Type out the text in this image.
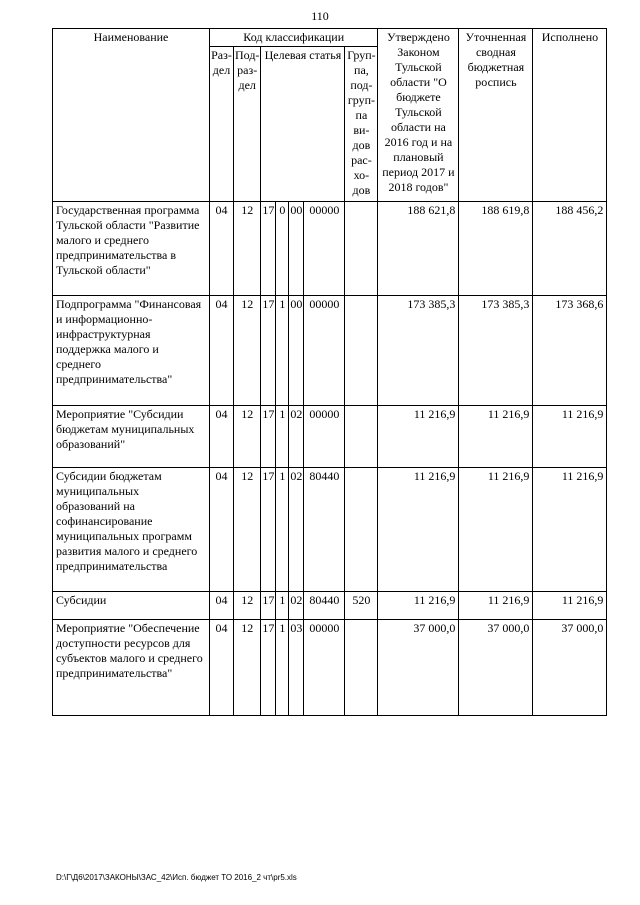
110
Наименование	Код классификации							Утверждено Законом Тульской области "О бюджете Тульской области на 2016 год и на плановый период 2017 и 2018 годов"	Уточненная сводная бюджетная роспись	Исполнено
	Раз-дел	Под-раз-дел	Целевая статья				Груп-па, под-груп-па ви-дов рас-хо-дов			
Государственная программа Тульской области "Развитие малого и среднего предпринимательства в Тульской области"	04	12	17	0	00	00000		188 621,8	188 619,8	188 456,2
Подпрограмма "Финансовая и информационно-инфраструктурная поддержка малого и среднего предпринимательства"	04	12	17	1	00	00000		173 385,3	173 385,3	173 368,6
Мероприятие "Субсидии бюджетам муниципальных образований"	04	12	17	1	02	00000		11 216,9	11 216,9	11 216,9
Субсидии бюджетам муниципальных образований на софинансирование муниципальных программ развития малого и среднего предпринимательства	04	12	17	1	02	80440		11 216,9	11 216,9	11 216,9
Субсидии	04	12	17	1	02	80440	520	11 216,9	11 216,9	11 216,9
Мероприятие "Обеспечение доступности ресурсов для субъектов малого и среднего предпринимательства"	04	12	17	1	03	00000		37 000,0	37 000,0	37 000,0
D:\Г\Д6\2017\ЗАКОНЫ\ЗАС_42\Исп. бюджет ТО 2016_2 чт\pr5.xls
